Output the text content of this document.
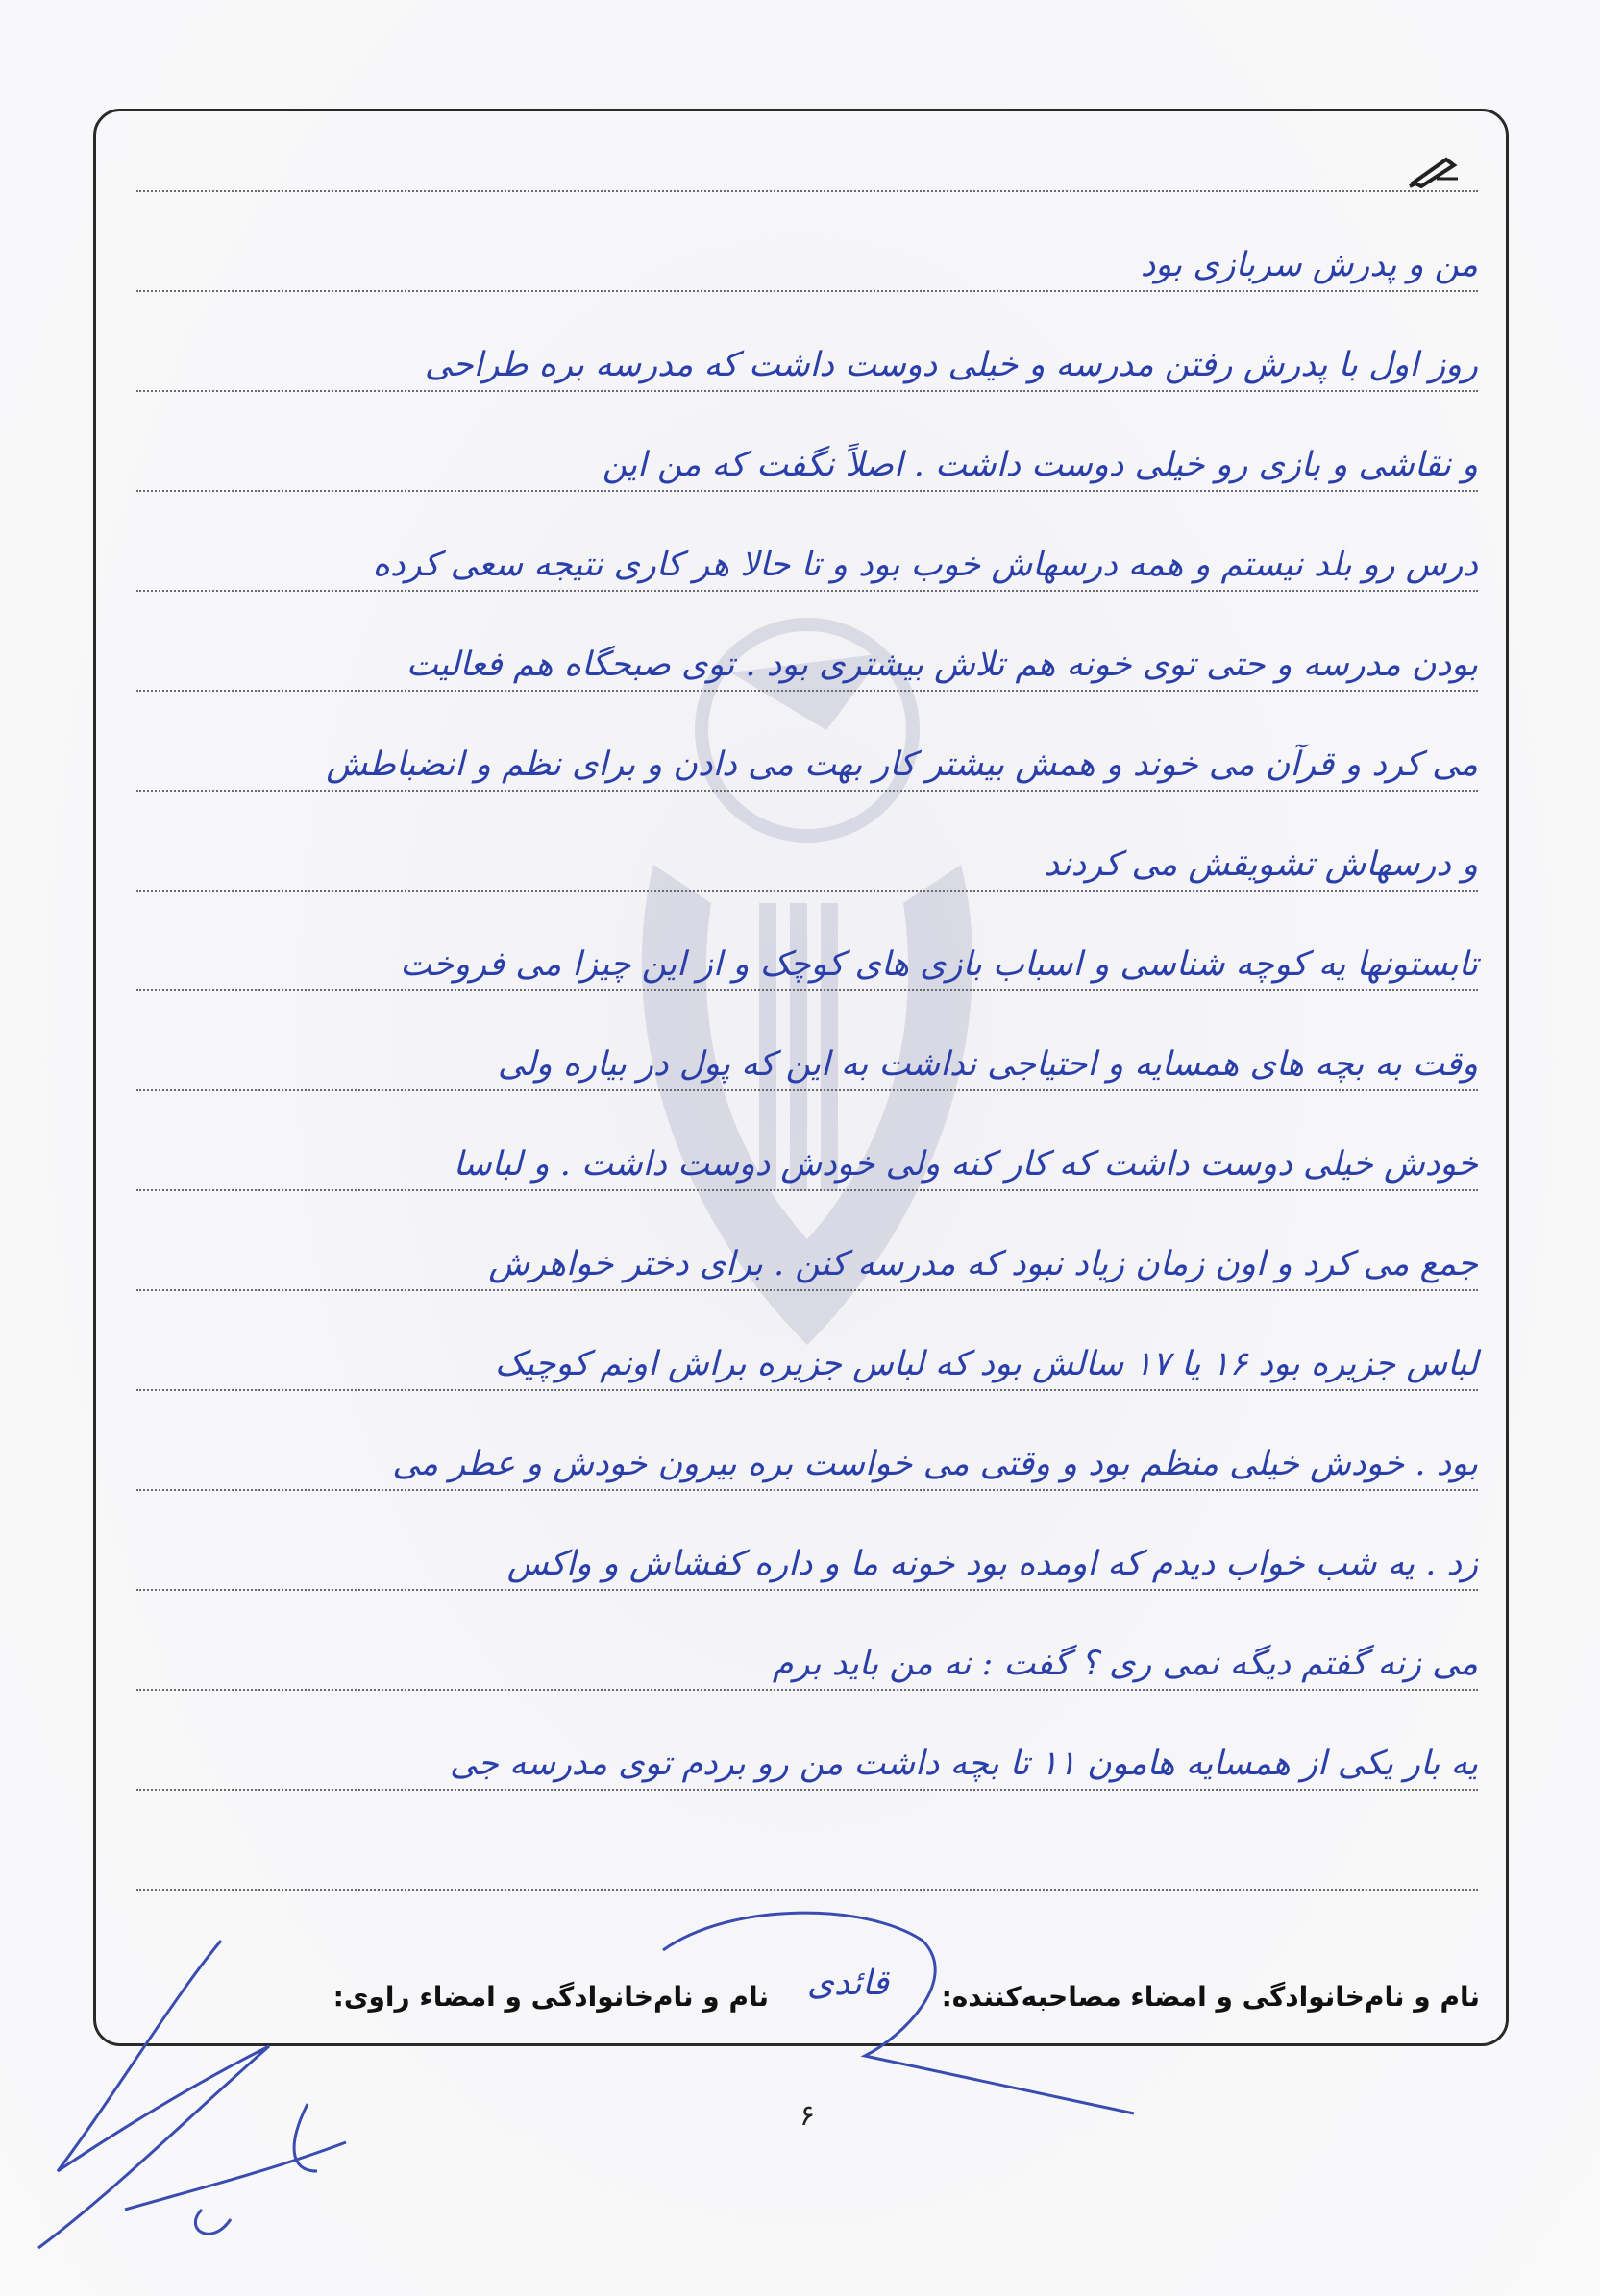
من و پدرش سربازی بود
روز اول با پدرش رفتن مدرسه و خیلی دوست داشت که مدرسه بره طراحی
و نقاشی و بازی رو خیلی دوست داشت . اصلاً نگفت که من این
درس رو بلد نیستم و همه درسهاش خوب بود و تا حالا هر کاری نتیجه سعی کرده
بودن مدرسه و حتی توی خونه هم تلاش بیشتری بود . توی صبحگاه هم فعالیت
می کرد و قرآن می خوند و همش بیشتر کار بهت می دادن و برای نظم و انضباطش
و درسهاش تشویقش می کردند
تابستونها یه کوچه شناسی و اسباب بازی های کوچک و از این چیزا می فروخت
وقت به بچه های همسایه و احتیاجی نداشت به این که پول در بیاره ولی
خودش خیلی دوست داشت که کار کنه ولی خودش دوست داشت . و لباسا
جمع می کرد و اون زمان زیاد نبود که مدرسه کنن . برای دختر خواهرش
لباس جزیره بود ۱۶ یا ۱۷ سالش بود که لباس جزیره براش اونم کوچیک
بود . خودش خیلی منظم بود و وقتی می خواست بره بیرون خودش و عطر می
زد . یه شب خواب دیدم که اومده بود خونه ما و داره کفشاش و واکس
می زنه گفتم دیگه نمی ری ؟ گفت : نه من باید برم
یه بار یکی از همسایه هامون ۱۱ تا بچه داشت من رو بردم توی مدرسه جی
نام و نام‌خانوادگی و امضاء مصاحبه‌کننده:
قائدی
نام و نام‌خانوادگی و امضاء راوی:
۶
